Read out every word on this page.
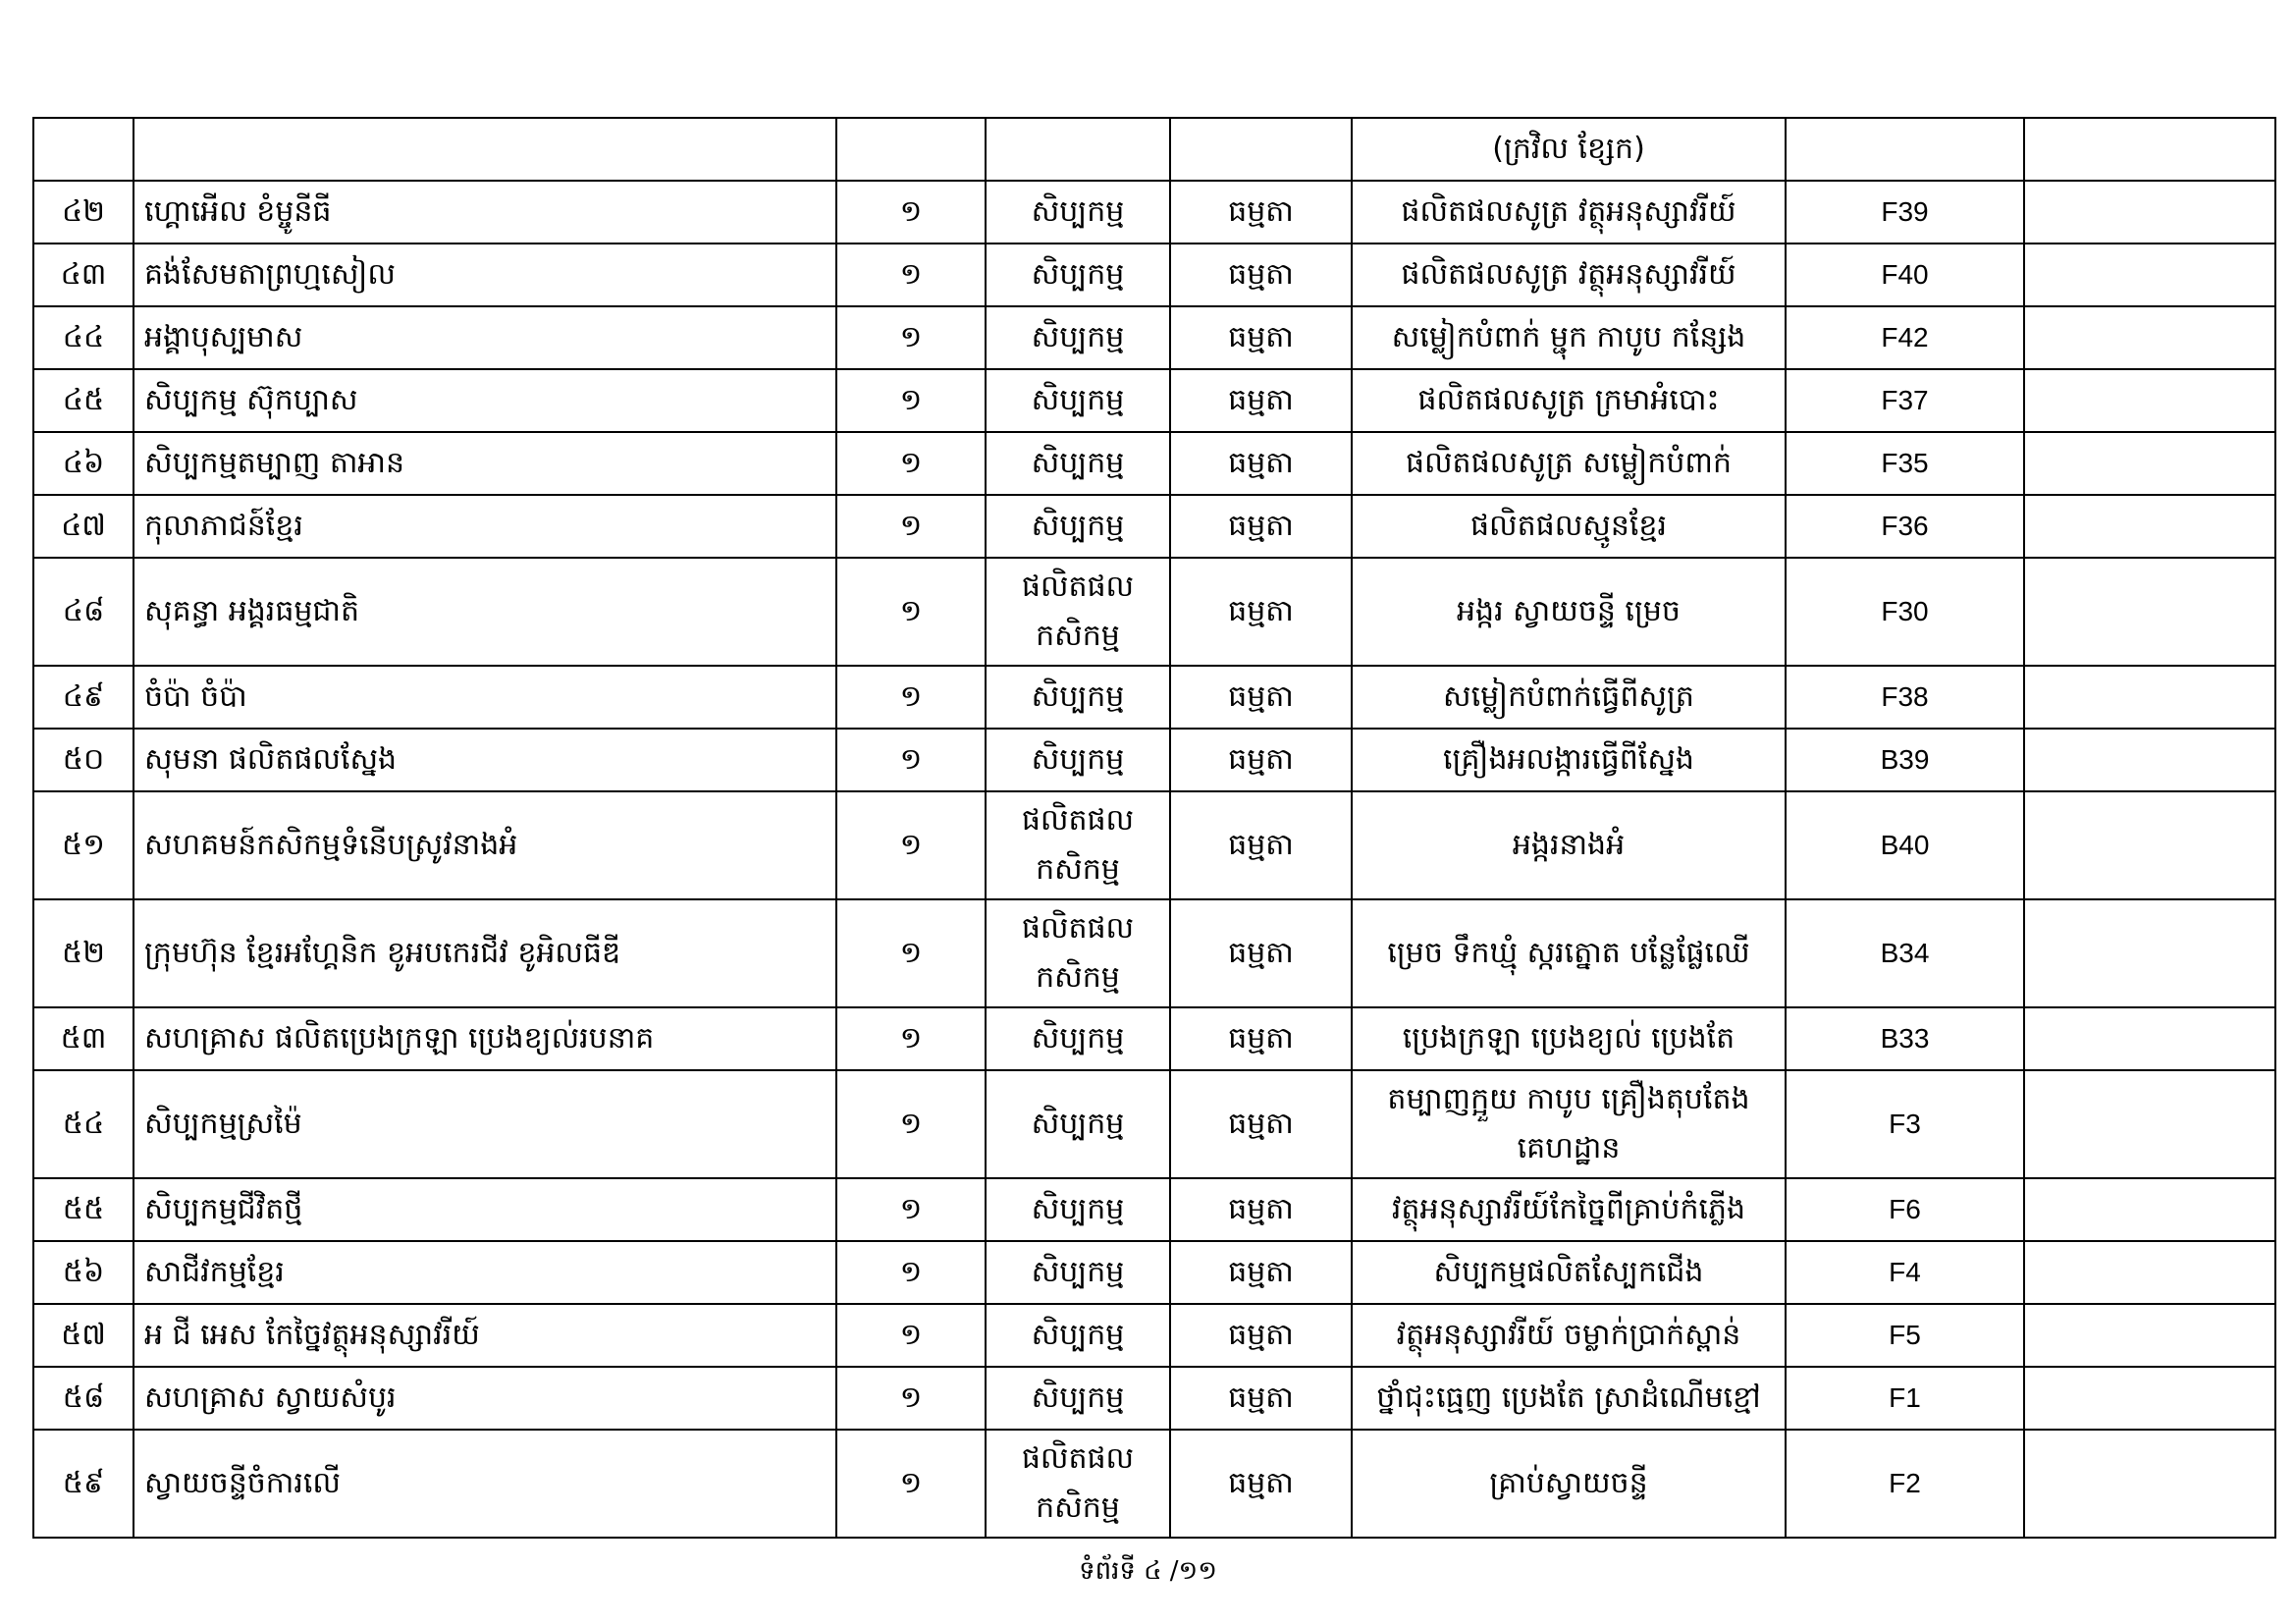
					(ក្រវិល ខ្សែក)		
៤២	ហ្គោអើល ខំម្ចូនីធី	១	សិប្បកម្ម	ធម្មតា	ផលិតផលសូត្រ វត្ថុអនុស្សាវរីយ៍	F39	
៤៣	គង់សែមតាព្រហ្មសៀល	១	សិប្បកម្ម	ធម្មតា	ផលិតផលសូត្រ វត្ថុអនុស្សាវរីយ៍	F40	
៤៤	អង្គាបុស្បមាស	១	សិប្បកម្ម	ធម្មតា	សម្លៀកបំពាក់ ម្ជុក កាបូប កន្សែង	F42	
៤៥	សិប្បកម្ម ស៊ុកប្បាស	១	សិប្បកម្ម	ធម្មតា	ផលិតផលសូត្រ ក្រមាអំបោះ	F37	
៤៦	សិប្បកម្មតម្បាញ តាអាន	១	សិប្បកម្ម	ធម្មតា	ផលិតផលសូត្រ សម្លៀកបំពាក់	F35	
៤៧	កុលាភាជន៍ខ្មែរ	១	សិប្បកម្ម	ធម្មតា	ផលិតផលស្មូនខ្មែរ	F36	
៤៨	សុគន្ធា អង្គរធម្មជាតិ	១	ផលិតផល កសិកម្ម	ធម្មតា	អង្ករ ស្វាយចន្ទី ម្រេច	F30	
៤៩	ចំប៉ា ចំប៉ា	១	សិប្បកម្ម	ធម្មតា	សម្លៀកបំពាក់ធ្វើពីសូត្រ	F38	
៥០	សុមនា ផលិតផលស្នែង	១	សិប្បកម្ម	ធម្មតា	គ្រឿងអលង្ការធ្វើពីស្នែង	B39	
៥១	សហគមន៍កសិកម្មទំនើបស្រូវនាងអំ	១	ផលិតផល កសិកម្ម	ធម្មតា	អង្ករនាងអំ	B40	
៥២	ក្រុមហ៊ុន ខ្មែរអហ្គែនិក ខូអបកេរជីវ ខូអិលធីឌី	១	ផលិតផល កសិកម្ម	ធម្មតា	ម្រេច ទឹកឃ្មុំ ស្ករត្នោត បន្លែផ្លែឈើ	B34	
៥៣	សហគ្រាស ផលិតប្រេងក្រឡា ប្រេងខ្យល់របនាគ	១	សិប្បកម្ម	ធម្មតា	ប្រេងក្រឡា ប្រេងខ្យល់ ប្រេងតែ	B33	
៥៤	សិប្បកម្មស្រម៉ៃ	១	សិប្បកម្ម	ធម្មតា	តម្បាញក្អួយ កាបូប គ្រឿងតុបតែងគេហដ្ឋាន	F3	
៥៥	សិប្បកម្មជីវិតថ្មី	១	សិប្បកម្ម	ធម្មតា	វត្ថុអនុស្សាវរីយ៍កែច្នៃពីគ្រាប់កំភ្លើង	F6	
៥៦	សាជីវកម្មខ្មែរ	១	សិប្បកម្ម	ធម្មតា	សិប្បកម្មផលិតស្បែកជើង	F4	
៥៧	អ ជី អេស កែច្នៃវត្ថុអនុស្សាវរីយ៍	១	សិប្បកម្ម	ធម្មតា	វត្ថុអនុស្សាវរីយ៍ ចម្លាក់ប្រាក់ស្ពាន់	F5	
៥៨	សហគ្រាស ស្វាយសំបូរ	១	សិប្បកម្ម	ធម្មតា	ថ្នាំជុះធ្មេញ ប្រេងតែ ស្រាដំណើមខ្មៅ	F1	
៥៩	ស្វាយចន្ទីចំការលើ	១	ផលិតផល កសិកម្ម	ធម្មតា	គ្រាប់ស្វាយចន្ទី	F2	
ទំព័រទី ៤ /១១
